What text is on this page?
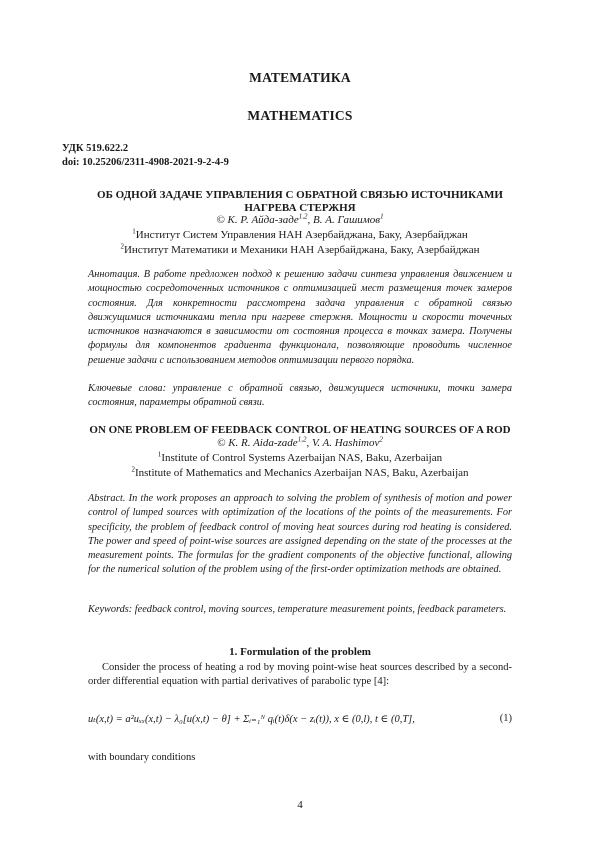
МАТЕМАТИКА
MATHEMATICS
УДК 519.622.2
doi: 10.25206/2311-4908-2021-9-2-4-9
ОБ ОДНОЙ ЗАДАЧЕ УПРАВЛЕНИЯ С ОБРАТНОЙ СВЯЗЬЮ ИСТОЧНИКАМИ
НАГРЕВА СТЕРЖНЯ
© К. Р. Айда-заде$^{1,2}$, В. А. Гашимов$^1$
$^1$Институт Систем Управления НАН Азербайджана, Баку, Азербайджан
$^2$Институт Математики и Механики НАН Азербайджана, Баку, Азербайджан
Аннотация. В работе предложен подход к решению задачи синтеза управления движением и мощностью сосредоточенных источников с оптимизацией мест размещения точек замеров состояния. Для конкретности рассмотрена задача управления с обратной связью движущимися источниками тепла при нагреве стержня. Мощности и скорости точечных источников назначаются в зависимости от состояния процесса в точках замера. Получены формулы для компонентов градиента функционала, позволяющие проводить численное решение задачи с использованием методов оптимизации первого порядка.
Ключевые слова: управление с обратной связью, движущиеся источники, точки замера состояния, параметры обратной связи.
ON ONE PROBLEM OF FEEDBACK CONTROL OF HEATING SOURCES OF A ROD
© K. R. Aida-zade$^{1,2}$, V. A. Hashimov$^2$
$^1$Institute of Control Systems Azerbaijan NAS, Baku, Azerbaijan
$^2$Institute of Mathematics and Mechanics Azerbaijan NAS, Baku, Azerbaijan
Abstract. In the work proposes an approach to solving the problem of synthesis of motion and power control of lumped sources with optimization of the locations of the points of the measurements. For specificity, the problem of feedback control of moving heat sources during rod heating is considered. The power and speed of point-wise sources are assigned depending on the state of the processes at the measurement points. The formulas for the gradient components of the objective functional, allowing for the numerical solution of the problem using of the first-order optimization methods are obtained.
Keywords: feedback control, moving sources, temperature measurement points, feedback parameters.
1. Formulation of the problem
Consider the process of heating a rod by moving point-wise heat sources described by a second-order differential equation with partial derivatives of parabolic type [4]:
uₜ(x,t) = a²uₓₓ(x,t) − λ₀[u(x,t) − θ] + Σᵢ₌₁ᴺ qᵢ(t)δ(x − zᵢ(t)), x ∈ (0,l), t ∈ (0,T],	(1)
with boundary conditions
4
